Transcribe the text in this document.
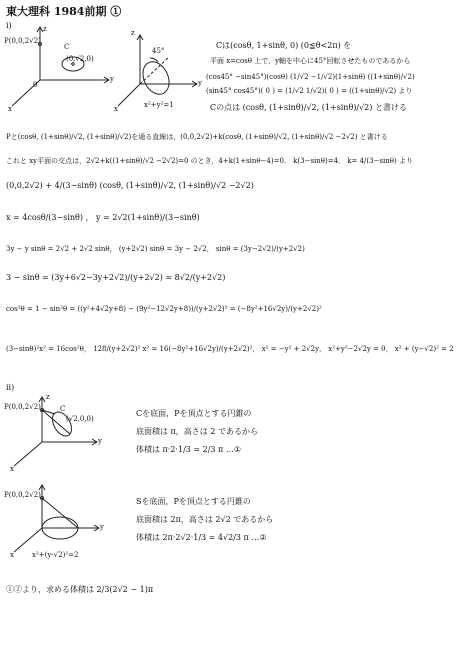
東大理科 1984前期 ①
i)
P(0,0,2√2)
C
(0,√2,0)
z
y
x
0
z
45°
y
x	x²+y²=1
Cは(cosθ, 1+sinθ, 0) (0≦θ<2π) を
平面 x=cosθ 上で，y軸を中心に45°回転させたものであるから
(cos45° −sin45°)(cosθ) (1/√2 −1/√2)(1+sinθ) ((1+sinθ)/√2)
(sin45° cos45°)( 0 ) = (1/√2 1/√2)( 0 ) = ((1+sinθ)/√2) より
Cの点は (cosθ, (1+sinθ)/√2, (1+sinθ)/√2) と書ける
Pと(cosθ, (1+sinθ)/√2, (1+sinθ)/√2)を通る直線は，(0,0,2√2)+k(cosθ, (1+sinθ)/√2, (1+sinθ)/√2 −2√2) と書ける
これと xy平面の交点は，2√2+k((1+sinθ)/√2 −2√2)=0 のとき，4+k(1+sinθ−4)=0． k(3−sinθ)=4． k= 4/(3−sinθ) より
(0,0,2√2) + 4/(3−sinθ) (cosθ, (1+sinθ)/√2, (1+sinθ)/√2 −2√2)
x = 4cosθ/(3−sinθ) ， y = 2√2(1+sinθ)/(3−sinθ)
3y − y sinθ = 2√2 + 2√2 sinθ， (y+2√2) sinθ = 3y − 2√2， sinθ = (3y−2√2)/(y+2√2)
3 − sinθ = (3y+6√2−3y+2√2)/(y+2√2) = 8√2/(y+2√2)
cos²θ = 1 − sin²θ = ((y²+4√2y+8) − (9y²−12√2y+8))/(y+2√2)² = (−8y²+16√2y)/(y+2√2)²
(3−sinθ)²x² = 16cos²θ， 128/(y+2√2)² x² = 16(−8y²+16√2y)/(y+2√2)²， x² = −y² + 2√2y， x²+y²−2√2y = 0， x² + (y−√2)² = 2
ii)
P(0,0,2√2)	C
(√2,0,0)
z
y
x
Cを底面，Pを頂点とする円錐の
底面積は π，高さは 2 であるから
体積は π·2·1/3 = 2/3 π …①
P(0,0,2√2)
y
x	x²+(y-√2)²=2
Sを底面，Pを頂点とする円錐の
底面積は 2π，高さは 2√2 であるから
体積は 2π·2√2·1/3 = 4√2/3 π …②
①②より，求める体積は 2/3(2√2 − 1)π
